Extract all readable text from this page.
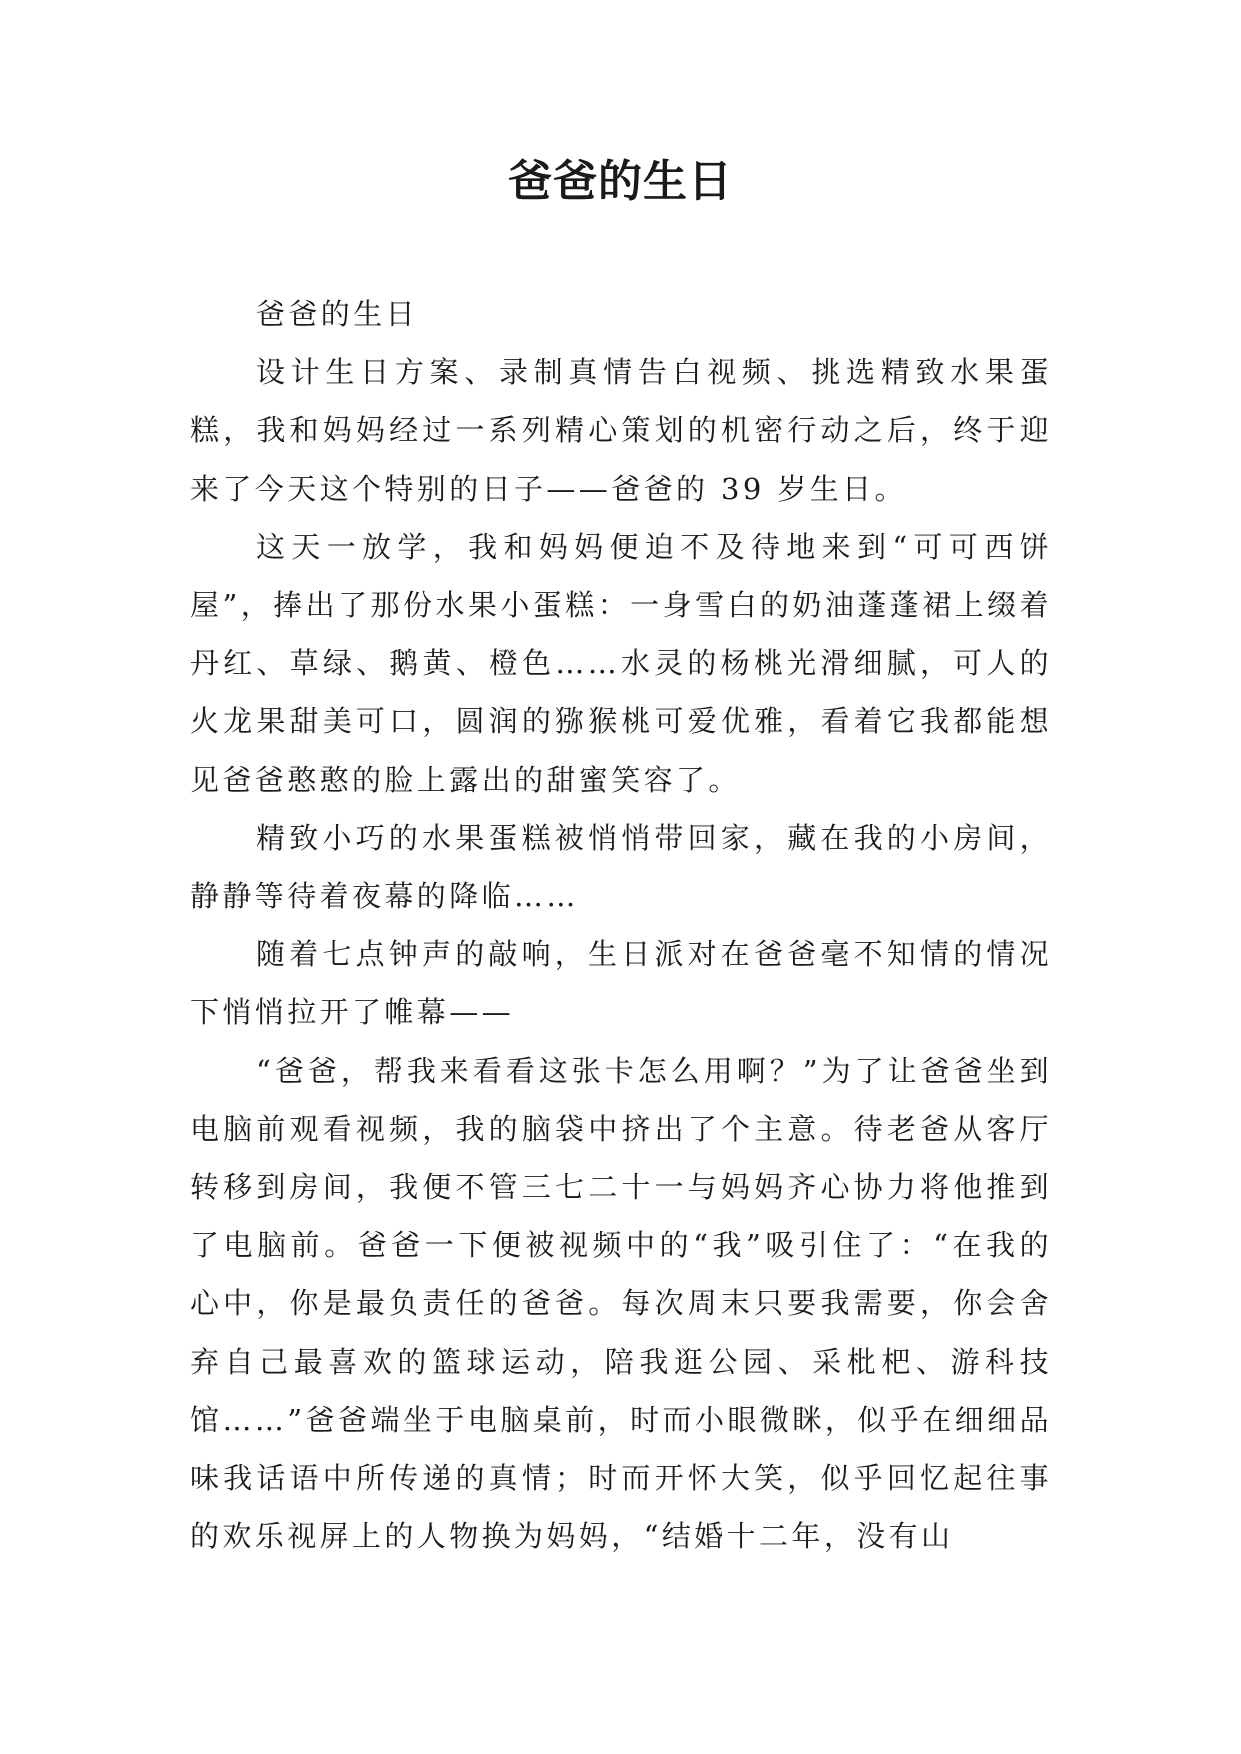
爸爸的生日

爸爸的生日

设计生日方案、录制真情告白视频、挑选精致水果蛋糕，我和妈妈经过一系列精心策划的机密行动之后，终于迎来了今天这个特别的日子——爸爸的 39 岁生日。

这天一放学，我和妈妈便迫不及待地来到“可可西饼屋”，捧出了那份水果小蛋糕：一身雪白的奶油蓬蓬裙上缀着丹红、草绿、鹅黄、橙色……水灵的杨桃光滑细腻，可人的火龙果甜美可口，圆润的猕猴桃可爱优雅，看着它我都能想见爸爸憨憨的脸上露出的甜蜜笑容了。

精致小巧的水果蛋糕被悄悄带回家，藏在我的小房间，静静等待着夜幕的降临……

随着七点钟声的敲响，生日派对在爸爸毫不知情的情况下悄悄拉开了帷幕——

“爸爸，帮我来看看这张卡怎么用啊？”为了让爸爸坐到电脑前观看视频，我的脑袋中挤出了个主意。待老爸从客厅转移到房间，我便不管三七二十一与妈妈齐心协力将他推到了电脑前。爸爸一下便被视频中的“我”吸引住了：“在我的心中，你是最负责任的爸爸。每次周末只要我需要，你会舍弃自己最喜欢的篮球运动，陪我逛公园、采枇杷、游科技馆……”爸爸端坐于电脑桌前，时而小眼微眯，似乎在细细品味我话语中所传递的真情；时而开怀大笑，似乎回忆起往事的欢乐视屏上的人物换为妈妈，“结婚十二年，没有山
